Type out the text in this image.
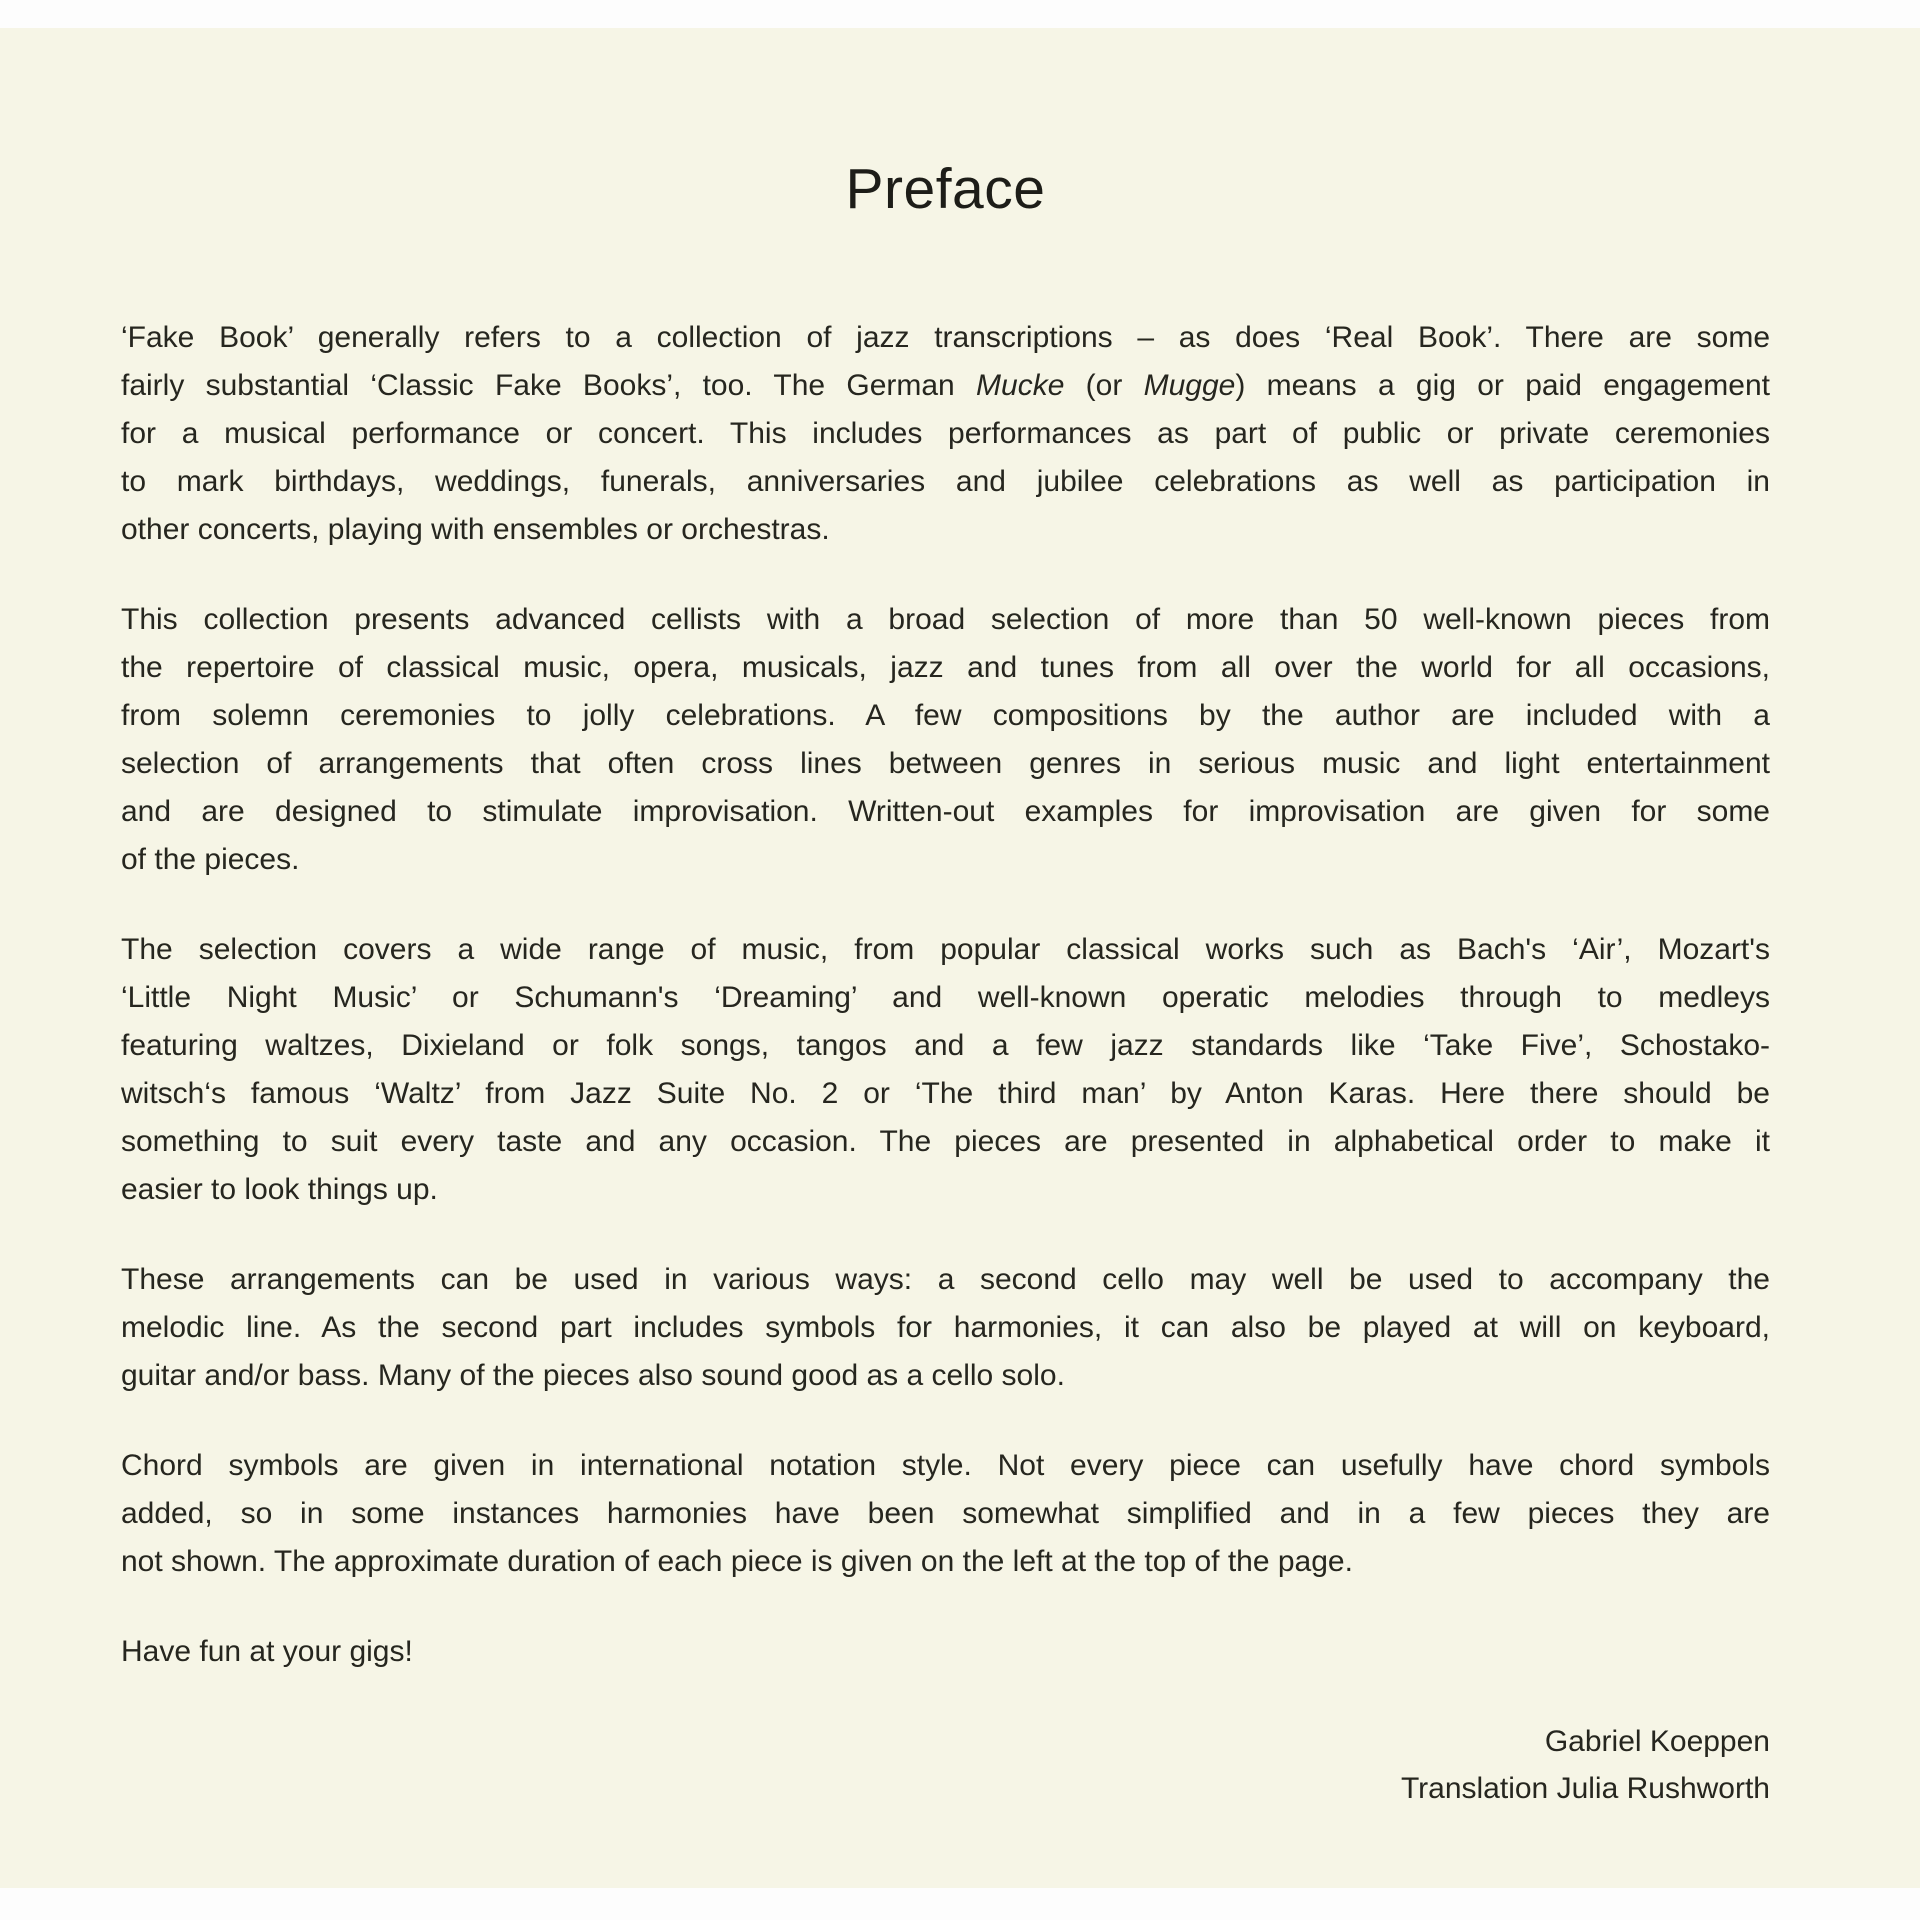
Preface
‘Fake Book’ generally refers to a collection of jazz transcriptions – as does ‘Real Book’. There are some
fairly substantial ‘Classic Fake Books’, too. The German Mucke (or Mugge) means a gig or paid engagement
for a musical performance or concert. This includes performances as part of public or private ceremonies
to mark birthdays, weddings, funerals, anniversaries and jubilee celebrations as well as participation in
other concerts, playing with ensembles or orchestras.
This collection presents advanced cellists with a broad selection of more than 50 well-known pieces from
the repertoire of classical music, opera, musicals, jazz and tunes from all over the world for all occasions,
from solemn ceremonies to jolly celebrations. A few compositions by the author are included with a
selection of arrangements that often cross lines between genres in serious music and light entertainment
and are designed to stimulate improvisation. Written-out examples for improvisation are given for some
of the pieces.
The selection covers a wide range of music, from popular classical works such as Bach's ‘Air’, Mozart's
‘Little Night Music’ or Schumann's ‘Dreaming’ and well-known operatic melodies through to medleys
featuring waltzes, Dixieland or folk songs, tangos and a few jazz standards like ‘Take Five’, Schostako-
witsch‘s famous ‘Waltz’ from Jazz Suite No. 2 or ‘The third man’ by Anton Karas. Here there should be
something to suit every taste and any occasion. The pieces are presented in alphabetical order to make it
easier to look things up.
These arrangements can be used in various ways: a second cello may well be used to accompany the
melodic line. As the second part includes symbols for harmonies, it can also be played at will on keyboard,
guitar and/or bass. Many of the pieces also sound good as a cello solo.
Chord symbols are given in international notation style. Not every piece can usefully have chord symbols
added, so in some instances harmonies have been somewhat simplified and in a few pieces they are
not shown. The approximate duration of each piece is given on the left at the top of the page.
Have fun at your gigs!
Gabriel Koeppen
Translation Julia Rushworth
